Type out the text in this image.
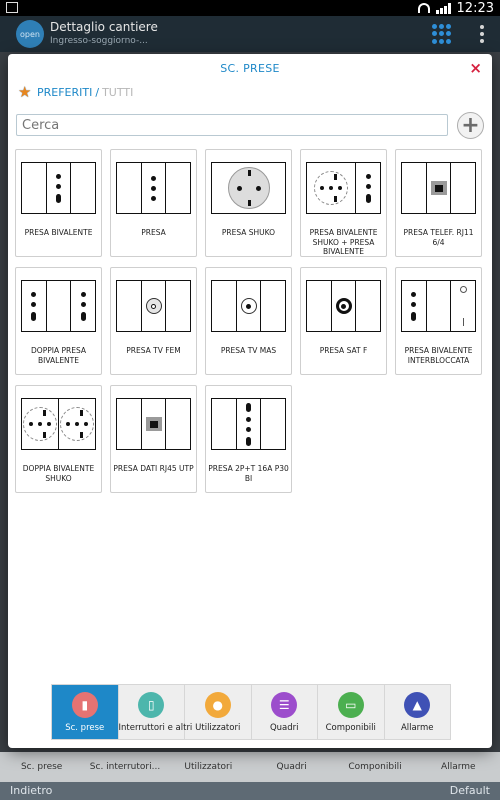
12:23
open Dettaglio cantiere
Ingresso-soggiorno-...
Sc. prese	Sc. interrutori...	Utilizzatori	Quadri	Componibili	Allarme
Indietro	Default
SC. PRESE	×
★ PREFERITI / TUTTI
Cerca
+
PRESA BIVALENTE	PRESA	PRESA SHUKO	PRESA BIVALENTE SHUKO + PRESA BIVALENTE
PRESA TELEF. RJ11 6/4
DOPPIA PRESA BIVALENTE
PRESA TV FEM	PRESA TV MAS	PRESA SAT F	PRESA BIVALENTE INTERBLOCCATA
DOPPIA BIVALENTE SHUKO
PRESA DATI RJ45 UTP PRESA 2P+T 16A P30 BI
▮
Sc. prese
▯
Interruttori e altri
●
Utilizzatori
☰
Quadri
▭
Componibili
▲
Allarme
